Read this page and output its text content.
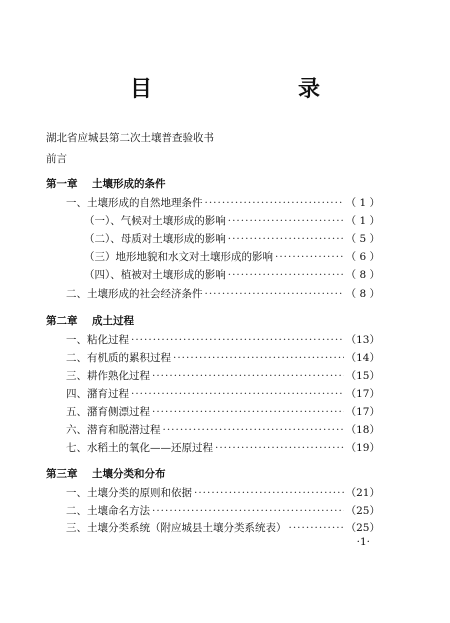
目　　录
湖北省应城县第二次土壤普查验收书
前言
第一章 土壤形成的条件
一、土壤形成的自然地理条件 ·····	（ 1 ）
（一）、气候对土壤形成的影响 ·····	（ 1 ）
（二）、母质对土壤形成的影响 ·····	（ 5 ）
（三）地形地貌和水文对土壤形成的影响 ·····	（ 6 ）
（四）、植被对土壤形成的影响 ·····	（ 8 ）
二、土壤形成的社会经济条件 ·····	（ 8 ）
第二章 成土过程
一、粘化过程 ·····	（13）
二、有机质的累积过程 ·····	（14）
三、耕作熟化过程 ·····	（15）
四、潴育过程 ·····	（17）
五、潴育侧漂过程 ·····	（17）
六、潜育和脱潜过程 ·····	（18）
七、水稻土的氧化——还原过程 ·····	（19）
第三章 土壤分类和分布
一、土壤分类的原则和依据 ·····	（21）
二、土壤命名方法 ·····	（25）
三、土壤分类系统（附应城县土壤分类系统表） ·····	（25）
·1·
